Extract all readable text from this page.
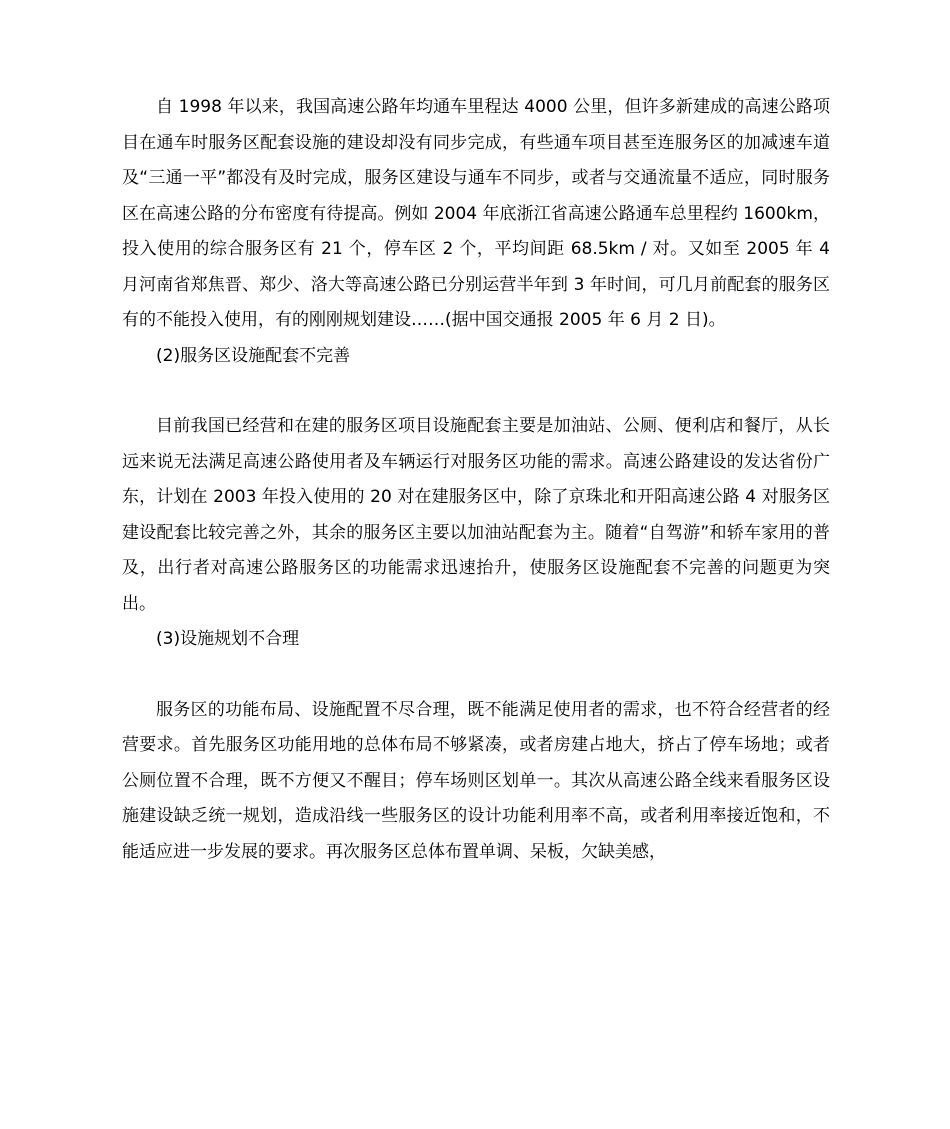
自 1998 年以来，我国高速公路年均通车里程达 4000 公里，但许多新建成的高速公路项目在通车时服务区配套设施的建设却没有同步完成，有些通车项目甚至连服务区的加减速车道及“三通一平”都没有及时完成，服务区建设与通车不同步，或者与交通流量不适应，同时服务区在高速公路的分布密度有待提高。例如 2004 年底浙江省高速公路通车总里程约 1600km，投入使用的综合服务区有 21 个，停车区 2 个，平均间距 68.5km / 对。又如至 2005 年 4 月河南省郑焦晋、郑少、洛大等高速公路已分别运营半年到 3 年时间，可几月前配套的服务区有的不能投入使用，有的刚刚规划建设……(据中国交通报 2005 年 6 月 2 日)。

(2)服务区设施配套不完善

目前我国已经营和在建的服务区项目设施配套主要是加油站、公厕、便利店和餐厅，从长远来说无法满足高速公路使用者及车辆运行对服务区功能的需求。高速公路建设的发达省份广东，计划在 2003 年投入使用的 20 对在建服务区中，除了京珠北和开阳高速公路 4 对服务区建设配套比较完善之外，其余的服务区主要以加油站配套为主。随着“自驾游”和轿车家用的普及，出行者对高速公路服务区的功能需求迅速抬升，使服务区设施配套不完善的问题更为突出。

(3)设施规划不合理

服务区的功能布局、设施配置不尽合理，既不能满足使用者的需求，也不符合经营者的经营要求。首先服务区功能用地的总体布局不够紧凑，或者房建占地大，挤占了停车场地；或者公厕位置不合理，既不方便又不醒目；停车场则区划单一。其次从高速公路全线来看服务区设施建设缺乏统一规划，造成沿线一些服务区的设计功能利用率不高，或者利用率接近饱和，不能适应进一步发展的要求。再次服务区总体布置单调、呆板，欠缺美感，
